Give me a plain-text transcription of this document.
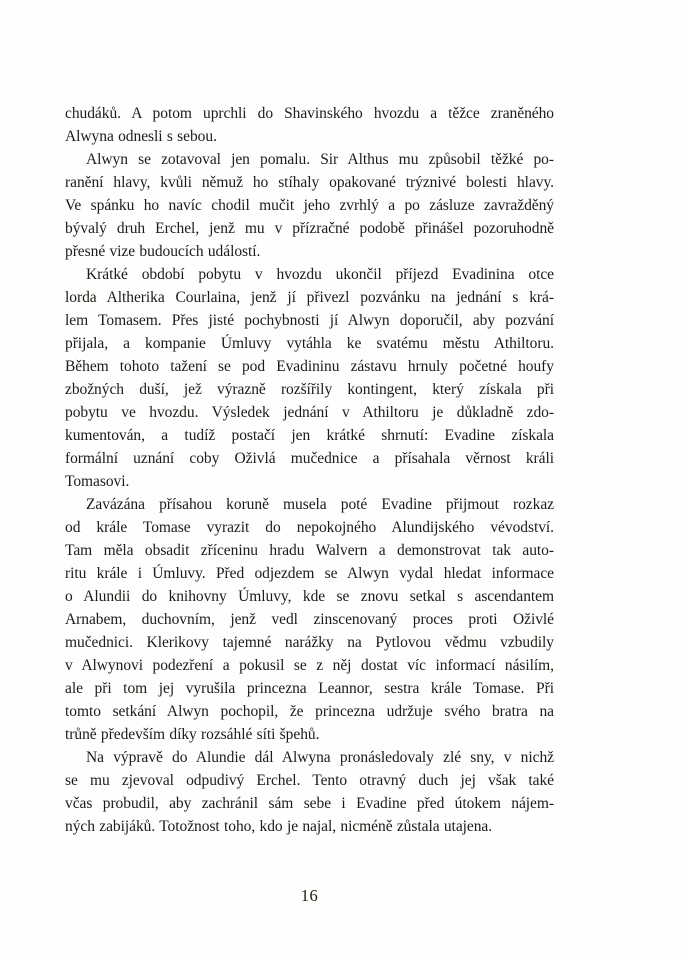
chudáků. A potom uprchli do Shavinského hvozdu a těžce zraněného
Alwyna odnesli s sebou.
Alwyn se zotavoval jen pomalu. Sir Althus mu způsobil těžké po-
ranění hlavy, kvůli němuž ho stíhaly opakované trýznivé bolesti hlavy.
Ve spánku ho navíc chodil mučit jeho zvrhlý a po zásluze zavražděný
bývalý druh Erchel, jenž mu v přízračné podobě přinášel pozoruhodně
přesné vize budoucích událostí.
Krátké období pobytu v hvozdu ukončil příjezd Evadinina otce
lorda Altherika Courlaina, jenž jí přivezl pozvánku na jednání s krá-
lem Tomasem. Přes jisté pochybnosti jí Alwyn doporučil, aby pozvání
přijala, a kompanie Úmluvy vytáhla ke svatému městu Athiltoru.
Během tohoto tažení se pod Evadininu zástavu hrnuly početné houfy
zbožných duší, jež výrazně rozšířily kontingent, který získala při
pobytu ve hvozdu. Výsledek jednání v Athiltoru je důkladně zdo-
kumentován, a tudíž postačí jen krátké shrnutí: Evadine získala
formální uznání coby Oživlá mučednice a přísahala věrnost králi
Tomasovi.
Zavázána přísahou koruně musela poté Evadine přijmout rozkaz
od krále Tomase vyrazit do nepokojného Alundijského vévodství.
Tam měla obsadit zříceninu hradu Walvern a demonstrovat tak auto-
ritu krále i Úmluvy. Před odjezdem se Alwyn vydal hledat informace
o Alundii do knihovny Úmluvy, kde se znovu setkal s ascendantem
Arnabem, duchovním, jenž vedl zinscenovaný proces proti Oživlé
mučednici. Klerikovy tajemné narážky na Pytlovou vědmu vzbudily
v Alwynovi podezření a pokusil se z něj dostat víc informací násilím,
ale při tom jej vyrušila princezna Leannor, sestra krále Tomase. Při
tomto setkání Alwyn pochopil, že princezna udržuje svého bratra na
trůně především díky rozsáhlé síti špehů.
Na výpravě do Alundie dál Alwyna pronásledovaly zlé sny, v nichž
se mu zjevoval odpudivý Erchel. Tento otravný duch jej však také
včas probudil, aby zachránil sám sebe i Evadine před útokem nájem-
ných zabijáků. Totožnost toho, kdo je najal, nicméně zůstala utajena.
16
